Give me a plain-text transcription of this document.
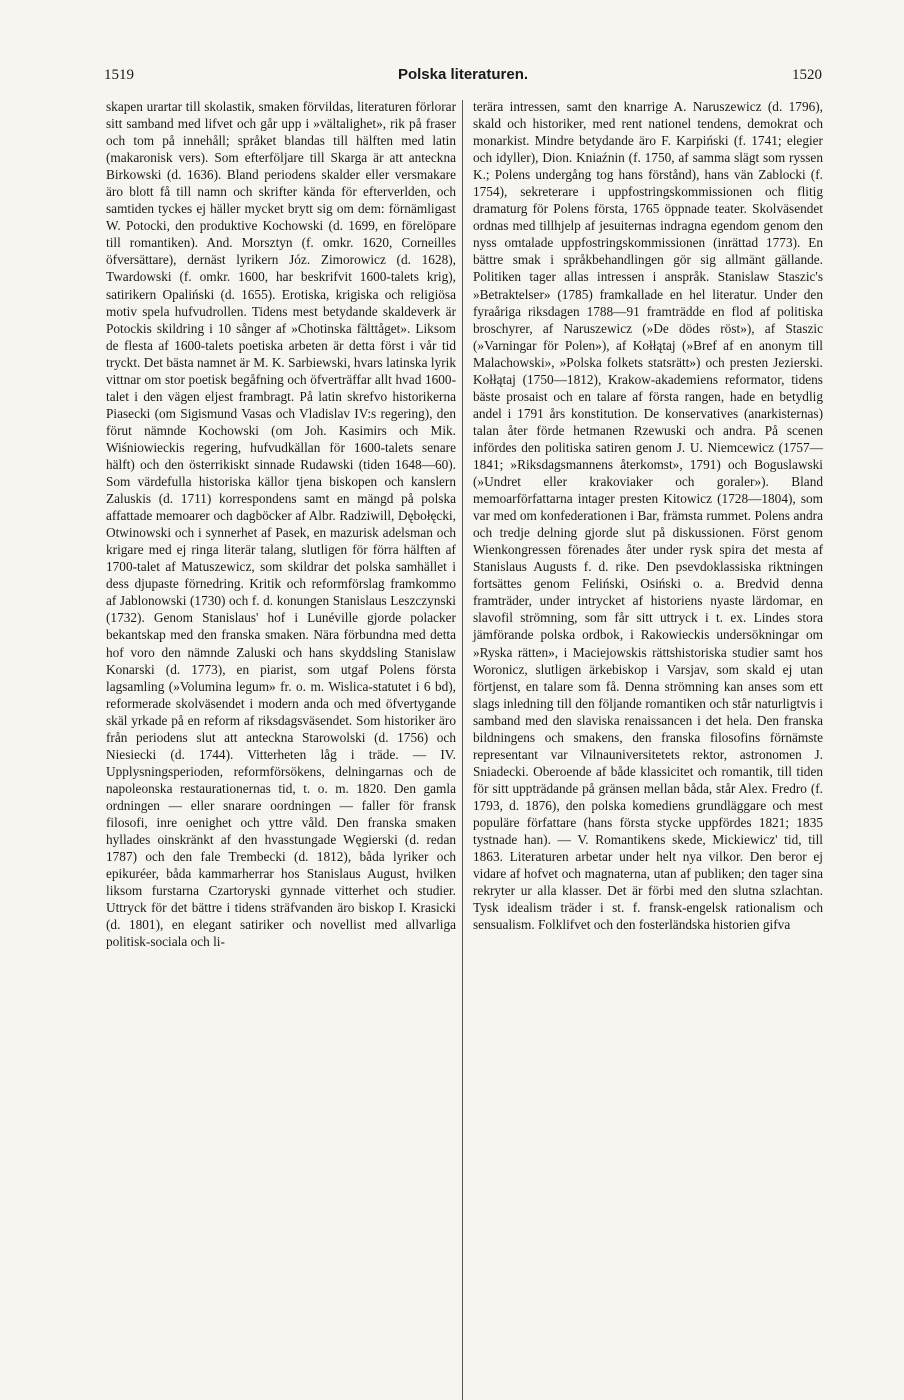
1519	Polska literaturen.	1520

skapen urartar till skolastik, smaken förvildas, literaturen förlorar sitt samband med lifvet och går upp i »vältalighet», rik på fraser och tom på innehåll; språket blandas till hälften med latin (makaronisk vers). Som efterföljare till Skarga är att anteckna Birkowski (d. 1636). Bland periodens skalder eller versmakare äro blott få till namn och skrifter kända för efterverlden, och samtiden tyckes ej häller mycket brytt sig om dem: förnämligast W. Potocki, den produktive Kochowski (d. 1699, en förelöpare till romantiken). And. Morsztyn (f. omkr. 1620, Corneilles öfversättare), dernäst lyrikern Józ. Zimorowicz (d. 1628), Twardowski (f. omkr. 1600, har beskrifvit 1600-talets krig), satirikern Opaliński (d. 1655). Erotiska, krigiska och religiösa motiv spela hufvudrollen. Tidens mest betydande skaldeverk är Potockis skildring i 10 sånger af »Chotinska fälttåget». Liksom de flesta af 1600-talets poetiska arbeten är detta först i vår tid tryckt. Det bästa namnet är M. K. Sarbiewski, hvars latinska lyrik vittnar om stor poetisk begåfning och öfverträffar allt hvad 1600-talet i den vägen eljest frambragt. På latin skrefvo historikerna Piasecki (om Sigismund Vasas och Vladislav IV:s regering), den förut nämnde Kochowski (om Joh. Kasimirs och Mik. Wiśniowieckis regering, hufvudkällan för 1600-talets senare hälft) och den österrikiskt sinnade Rudawski (tiden 1648—60). Som värdefulla historiska källor tjena biskopen och kanslern Zaluskis (d. 1711) korrespondens samt en mängd på polska affattade memoarer och dagböcker af Albr. Radziwill, Dębołęcki, Otwinowski och i synnerhet af Pasek, en mazurisk adelsman och krigare med ej ringa literär talang, slutligen för förra hälften af 1700-talet af Matuszewicz, som skildrar det polska samhället i dess djupaste förnedring. Kritik och reformförslag framkommo af Jablonowski (1730) och f. d. konungen Stanislaus Leszczynski (1732). Genom Stanislaus' hof i Lunéville gjorde polacker bekantskap med den franska smaken. Nära förbundna med detta hof voro den nämnde Zaluski och hans skyddsling Stanislaw Konarski (d. 1773), en piarist, som utgaf Polens första lagsamling (»Volumina legum» fr. o. m. Wislica-statutet i 6 bd), reformerade skolväsendet i modern anda och med öfvertygande skäl yrkade på en reform af riksdagsväsendet. Som historiker äro från periodens slut att anteckna Starowolski (d. 1756) och Niesiecki (d. 1744). Vitterheten låg i träde. — IV. Upplysningsperioden, reformförsökens, delningarnas och de napoleonska restaurationernas tid, t. o. m. 1820. Den gamla ordningen — eller snarare oordningen — faller för fransk filosofi, inre oenighet och yttre våld. Den franska smaken hyllades oinskränkt af den hvasstungade Węgierski (d. redan 1787) och den fale Trembecki (d. 1812), båda lyriker och epikuréer, båda kammarherrar hos Stanislaus August, hvilken liksom furstarna Czartoryski gynnade vitterhet och studier. Uttryck för det bättre i tidens sträfvanden äro biskop I. Krasicki (d. 1801), en elegant satiriker och novellist med allvarliga politisk-sociala och li-

terära intressen, samt den knarrige A. Naruszewicz (d. 1796), skald och historiker, med rent nationel tendens, demokrat och monarkist. Mindre betydande äro F. Karpiński (f. 1741; elegier och idyller), Dion. Kniaźnin (f. 1750, af samma slägt som ryssen K.; Polens undergång tog hans förstånd), hans vän Zablocki (f. 1754), sekreterare i uppfostringskommissionen och flitig dramaturg för Polens första, 1765 öppnade teater. Skolväsendet ordnas med tillhjelp af jesuiternas indragna egendom genom den nyss omtalade uppfostringskommissionen (inrättad 1773). En bättre smak i språkbehandlingen gör sig allmänt gällande. Politiken tager allas intressen i anspråk. Stanislaw Staszic's »Betraktelser» (1785) framkallade en hel literatur. Under den fyraåriga riksdagen 1788—91 framträdde en flod af politiska broschyrer, af Naruszewicz (»De dödes röst»), af Staszic (»Varningar för Polen»), af Kołłątaj (»Bref af en anonym till Malachowski», »Polska folkets statsrätt») och presten Jezierski. Kołłątaj (1750—1812), Krakow-akademiens reformator, tidens bäste prosaist och en talare af första rangen, hade en betydlig andel i 1791 års konstitution. De konservatives (anarkisternas) talan åter förde hetmanen Rzewuski och andra. På scenen infördes den politiska satiren genom J. U. Niemcewicz (1757—1841; »Riksdagsmannens återkomst», 1791) och Boguslawski (»Undret eller krakoviaker och goraler»). Bland memoarförfattarna intager presten Kitowicz (1728—1804), som var med om konfederationen i Bar, främsta rummet. Polens andra och tredje delning gjorde slut på diskussionen. Först genom Wienkongressen förenades åter under rysk spira det mesta af Stanislaus Augusts f. d. rike. Den psevdoklassiska riktningen fortsättes genom Feliński, Osiński o. a. Bredvid denna framträder, under intrycket af historiens nyaste lärdomar, en slavofil strömning, som får sitt uttryck i t. ex. Lindes stora jämförande polska ordbok, i Rakowieckis undersökningar om »Ryska rätten», i Maciejowskis rättshistoriska studier samt hos Woronicz, slutligen ärkebiskop i Varsjav, som skald ej utan förtjenst, en talare som få. Denna strömning kan anses som ett slags inledning till den följande romantiken och står naturligtvis i samband med den slaviska renaissancen i det hela. Den franska bildningens och smakens, den franska filosofins förnämste representant var Vilnauniversitetets rektor, astronomen J. Sniadecki. Oberoende af både klassicitet och romantik, till tiden för sitt uppträdande på gränsen mellan båda, står Alex. Fredro (f. 1793, d. 1876), den polska komediens grundläggare och mest populäre författare (hans första stycke uppfördes 1821; 1835 tystnade han). — V. Romantikens skede, Mickiewicz' tid, till 1863. Literaturen arbetar under helt nya vilkor. Den beror ej vidare af hofvet och magnaterna, utan af publiken; den tager sina rekryter ur alla klasser. Det är förbi med den slutna szlachtan. Tysk idealism träder i st. f. fransk-engelsk rationalism och sensualism. Folklifvet och den fosterländska historien gifva
